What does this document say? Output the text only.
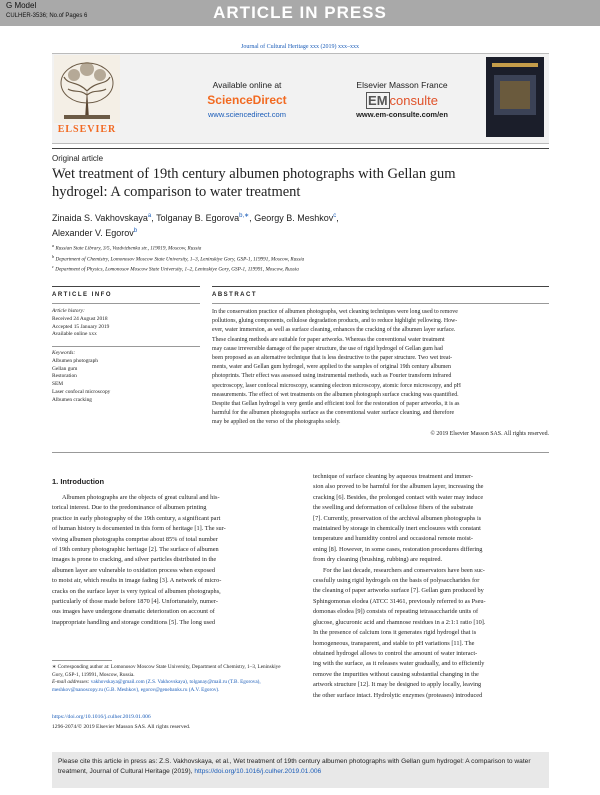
ARTICLE IN PRESS
G Model
CULHER-3536; No.of Pages 6
Journal of Cultural Heritage xxx (2019) xxx–xxx
ELSEVIER
Available online at
ScienceDirect
www.sciencedirect.com
Elsevier Masson France
EM consulte
www.em-consulte.com/en
Original article
Wet treatment of 19th century albumen photographs with Gellan gum hydrogel: A comparison to water treatment
Zinaida S. Vakhovskaya$^a$, Tolganay B. Egorova$^{b,∗}$, Georgy B. Meshkov$^c$,
Alexander V. Egorov$^b$
$^a$ Russian State Library, 3/5, Vozdvizhenka str., 119019, Moscow, Russia
$^b$ Department of Chemistry, Lomonosov Moscow State University, 1–3, Leninskiye Gory, GSP-1, 119991, Moscow, Russia
$^c$ Department of Physics, Lomonosov Moscow State University, 1–2, Leninskiye Gory, GSP-1, 119991, Moscow, Russia
ARTICLE INFO
Article history:
Received 24 August 2018
Accepted 15 January 2019
Available online xxx
Keywords:
Albumen photograph
Gellan gum
Restoration
SEM
Laser confocal microscopy
Albumen cracking
ABSTRACT
In the conservation practice of albumen photographs, wet cleaning techniques were long used to remove
pollutions, gluing components, cellulose degradation products, and to reduce highlight yellowing. How-
ever, water immersion, as well as surface cleaning, enhances the cracking of the albumen layer surface.
These cleaning methods are suitable for paper artworks. Whereas the conventional water treatment
may cause irreversible damage of the paper structure, the use of rigid hydrogel of Gellan gum had
been proposed as an alternative technique that is less destructive to the paper structure. Two wet treat-
ments, water and Gellan gum hydrogel, were applied to the samples of original 19th century albumen
photoprints. Their effect was assessed using instrumental methods, such as Fourier transform infrared
spectroscopy, laser confocal microscopy, scanning electron microscopy, atomic force microscopy, and pH
measurements. The effect of wet treatments on the albumen photograph surface cracking was quantified.
Despite that Gellan hydrogel is very gentle and efficient tool for the restoration of paper artworks, it is as
harmful for the albumen photographs surface as the conventional water surface cleaning, and therefore
may be applied on the verso of the photographs solely.
© 2019 Elsevier Masson SAS. All rights reserved.
1. Introduction
Albumen photographs are the objects of great cultural and his-
torical interest. Due to the predominance of albumen printing
practice in early photography of the 19th century, a significant part
of human history is documented in this form of heritage [1]. The sur-
viving albumen photographs comprise about 85% of total number
of 19th century photographic heritage [2]. The surface of albumen
images is prone to cracking, and silver particles distributed in the
albumen layer are vulnerable to oxidation process when exposed
to moist air, which results in image fading [3]. A network of micro-
cracks on the surface layer is very typical of albumen photographs,
particularly of those made before 1870 [4]. Unfortunately, numer-
ous images have undergone dramatic deterioration on account of
inappropriate handling and storage conditions [5]. The long used
∗ Corresponding author at: Lomonosov Moscow State University, Department of Chemistry, 1–3, Leninskiye Gory, GSP-1, 119991, Moscow, Russia.
E-mail addresses: vakhovskaya@gmail.com (Z.S. Vakhovskaya), tolganay@mail.ru (T.B. Egorova), meshkov@nanoscopy.ru (G.B. Meshkov), egorov@genebanks.ru (A.V. Egorov).
https://doi.org/10.1016/j.culher.2019.01.006
1296-2074/© 2019 Elsevier Masson SAS. All rights reserved.
technique of surface cleaning by aqueous treatment and immer-
sion also proved to be harmful for the albumen layer, increasing the
cracking [6]. Besides, the prolonged contact with water may induce
the swelling and deformation of cellulose fibers of the substrate
[7]. Currently, preservation of the archival albumen photographs is
maintained by storage in chemically inert enclosures with constant
temperature and humidity control and occasional remote moist-
ening [8]. However, in some cases, restoration procedures differing
from dry cleaning (brushing, rubbing) are required.
For the last decade, researchers and conservators have been suc-
cessfully using rigid hydrogels on the basis of polysaccharides for
the cleaning of paper artworks surface [7]. Gellan gum produced by
Sphingomonas elodea (ATCC 31461, previously referred to as Pseu-
domonas elodea [9]) consists of repeating tetrasaccharide units of
glucose, glucuronic acid and rhamnose residues in a 2:1:1 ratio [10].
In the presence of calcium ions it generates rigid hydrogel that is
homogeneous, transparent, and stable to pH variations [11]. The
obtained hydrogel allows to control the amount of water interact-
ing with the surface, as it releases water gradually, and to efficiently
remove the impurities without causing substantial changing in the
artwork structure [12]. It may be designed to apply locally, leaving
the other surface intact. Hydrolytic enzymes (proteases) introduced
Please cite this article in press as: Z.S. Vakhovskaya, et al., Wet treatment of 19th century albumen photographs with Gellan gum hydrogel: A comparison to water treatment, Journal of Cultural Heritage (2019), https://doi.org/10.1016/j.culher.2019.01.006
